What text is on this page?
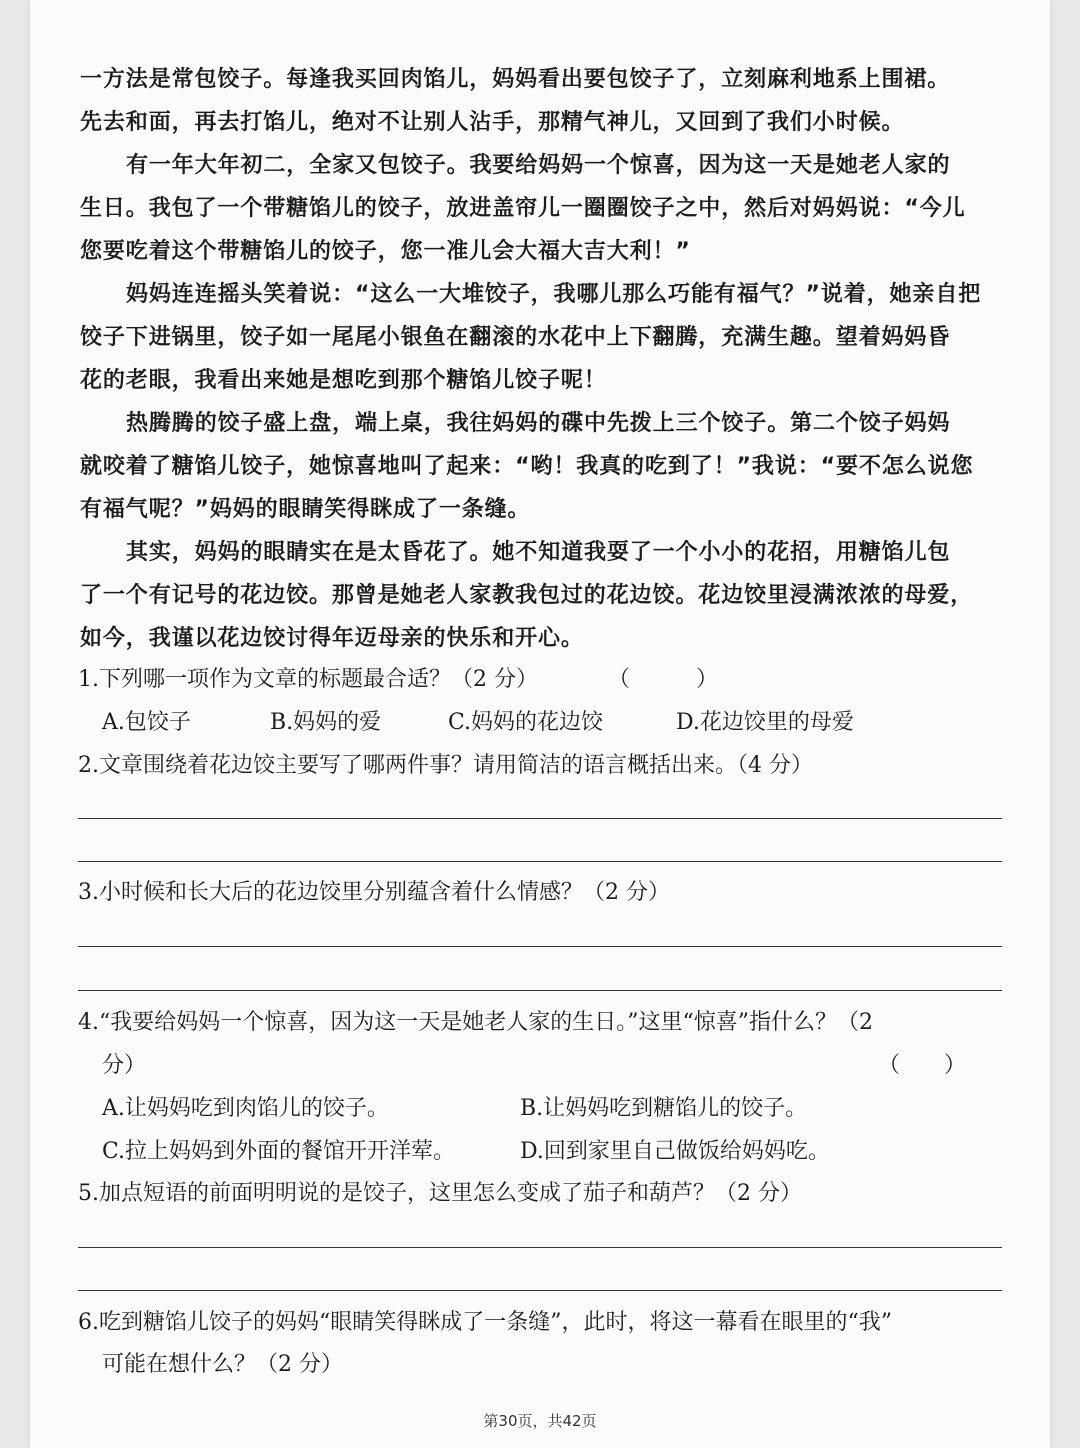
一方法是常包饺子。每逢我买回肉馅儿，妈妈看出要包饺子了，立刻麻利地系上围裙。
先去和面，再去打馅儿，绝对不让别人沾手，那精气神儿，又回到了我们小时候。
有一年大年初二，全家又包饺子。我要给妈妈一个惊喜，因为这一天是她老人家的
生日。我包了一个带糖馅儿的饺子，放进盖帘儿一圈圈饺子之中，然后对妈妈说：“今儿
您要吃着这个带糖馅儿的饺子，您一准儿会大福大吉大利！”
妈妈连连摇头笑着说：“这么一大堆饺子，我哪儿那么巧能有福气？”说着，她亲自把
饺子下进锅里，饺子如一尾尾小银鱼在翻滚的水花中上下翻腾，充满生趣。望着妈妈昏
花的老眼，我看出来她是想吃到那个糖馅儿饺子呢！
热腾腾的饺子盛上盘，端上桌，我往妈妈的碟中先拨上三个饺子。第二个饺子妈妈
就咬着了糖馅儿饺子，她惊喜地叫了起来：“哟！我真的吃到了！”我说：“要不怎么说您
有福气呢？”妈妈的眼睛笑得眯成了一条缝。
其实，妈妈的眼睛实在是太昏花了。她不知道我耍了一个小小的花招，用糖馅儿包
了一个有记号的花边饺。那曾是她老人家教我包过的花边饺。花边饺里浸满浓浓的母爱，
如今，我谨以花边饺讨得年迈母亲的快乐和开心。
1.下列哪一项作为文章的标题最合适？（2 分）	（　　　）
A.包饺子	B.妈妈的爱	C.妈妈的花边饺	D.花边饺里的母爱
2.文章围绕着花边饺主要写了哪两件事？请用简洁的语言概括出来。（4 分）
3.小时候和长大后的花边饺里分别蕴含着什么情感？（2 分）
4.“我要给妈妈一个惊喜，因为这一天是她老人家的生日。”这里“惊喜”指什么？（2
分）	（　　）
A.让妈妈吃到肉馅儿的饺子。	B.让妈妈吃到糖馅儿的饺子。
C.拉上妈妈到外面的餐馆开开洋荤。	D.回到家里自己做饭给妈妈吃。
5.加点短语的前面明明说的是饺子，这里怎么变成了茄子和葫芦？（2 分）
6.吃到糖馅儿饺子的妈妈“眼睛笑得眯成了一条缝”，此时，将这一幕看在眼里的“我”
可能在想什么？（2 分）
第30页，共42页
